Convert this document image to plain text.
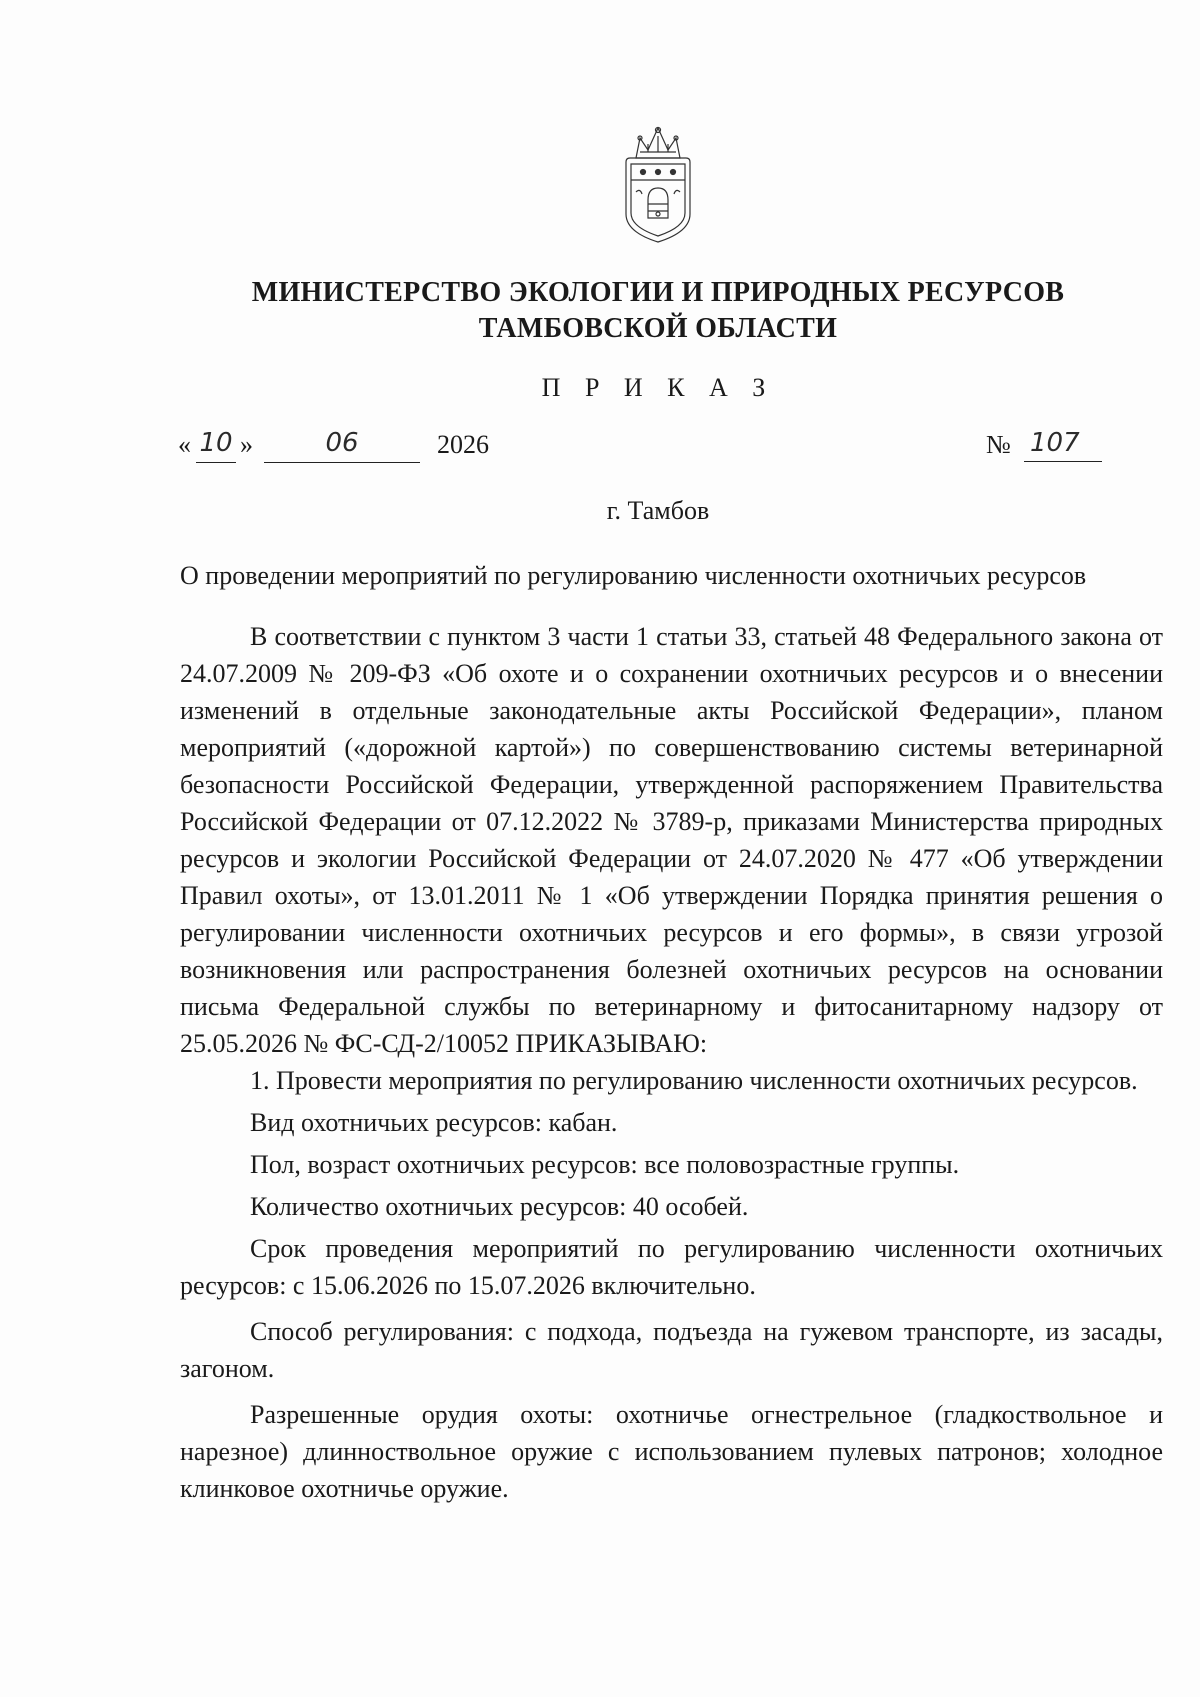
МИНИСТЕРСТВО ЭКОЛОГИИ И ПРИРОДНЫХ РЕСУРСОВ
ТАМБОВСКОЙ ОБЛАСТИ
П Р И К А З
« 10 »	06	2026	№ 107
г. Тамбов
О проведении мероприятий по регулированию численности охотничьих ресурсов

В соответствии с пунктом 3 части 1 статьи 33, статьей 48 Федерального закона от 24.07.2009 № 209-ФЗ «Об охоте и о сохранении охотничьих ресурсов и о внесении изменений в отдельные законодательные акты Российской Федерации», планом мероприятий («дорожной картой») по совершенствованию системы ветеринарной безопасности Российской Федерации, утвержденной распоряжением Правительства Российской Федерации от 07.12.2022 № 3789-р, приказами Министерства природных ресурсов и экологии Российской Федерации от 24.07.2020 № 477 «Об утверждении Правил охоты», от 13.01.2011 № 1 «Об утверждении Порядка принятия решения о регулировании численности охотничьих ресурсов и его формы», в связи угрозой возникновения или распространения болезней охотничьих ресурсов на основании письма Федеральной службы по ветеринарному и фитосанитарному надзору от 25.05.2026 № ФС-СД-2/10052 ПРИКАЗЫВАЮ:

1. Провести мероприятия по регулированию численности охотничьих ресурсов.

Вид охотничьих ресурсов: кабан.

Пол, возраст охотничьих ресурсов: все половозрастные группы.

Количество охотничьих ресурсов: 40 особей.

Срок проведения мероприятий по регулированию численности охотничьих ресурсов: с 15.06.2026 по 15.07.2026 включительно.

Способ регулирования: с подхода, подъезда на гужевом транспорте, из засады, загоном.

Разрешенные орудия охоты: охотничье огнестрельное (гладкоствольное и нарезное) длинноствольное оружие с использованием пулевых патронов; холодное клинковое охотничье оружие.
